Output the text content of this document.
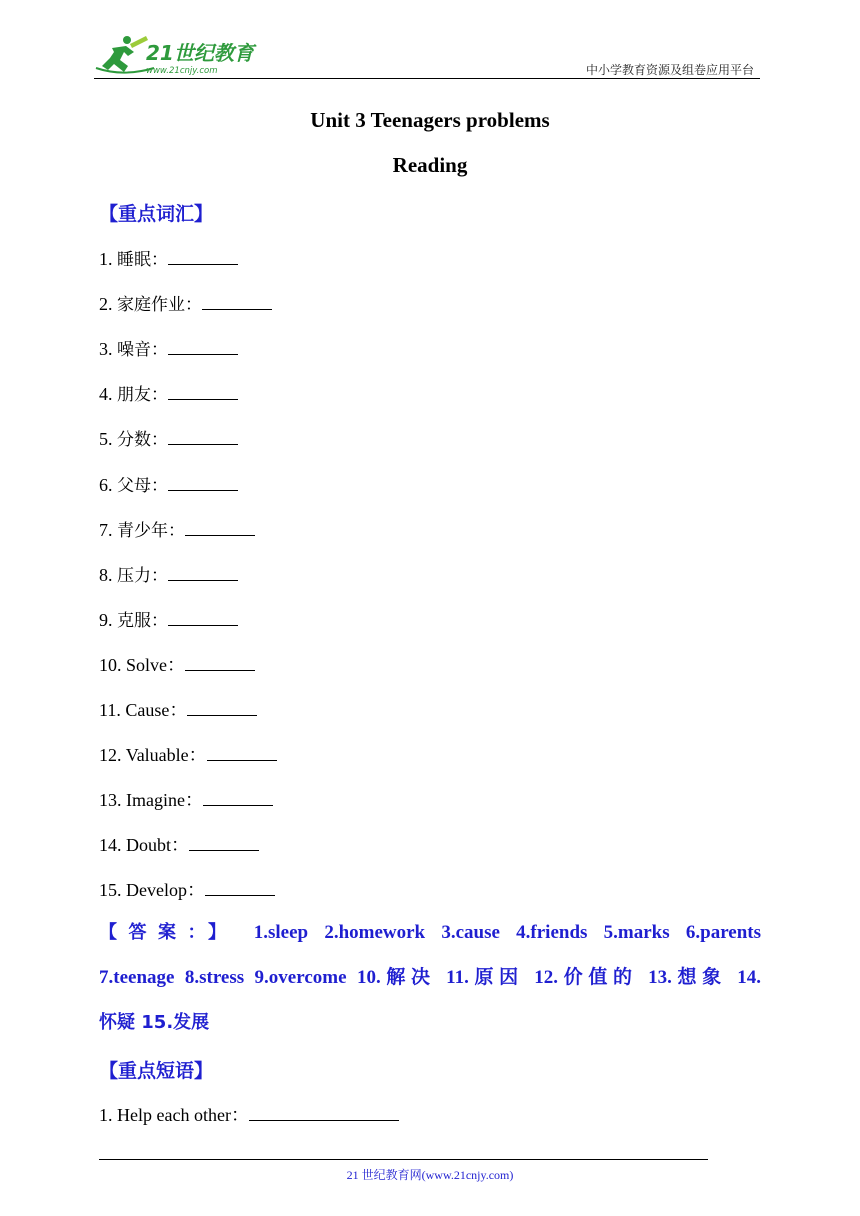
21世纪教育
www.21cnjy.com	中小学教育资源及组卷应用平台
Unit 3 Teenagers problems
Reading
【重点词汇】
1. 睡眠：
2. 家庭作业：
3. 噪音：
4. 朋友：
5. 分数：
6. 父母：
7. 青少年：
8. 压力：
9. 克服：
10. Solve：
11. Cause：
12. Valuable：
13. Imagine：
14. Doubt：
15. Develop：
【答案：】 1.sleep 2.homework 3.cause 4.friends 5.marks 6.parents
7.teenage 8.stress 9.overcome 10.解决 11.原因 12.价值的 13.想象 14.
怀疑 15.发展
【重点短语】
1. Help each other：
21 世纪教育网(www.21cnjy.com)
